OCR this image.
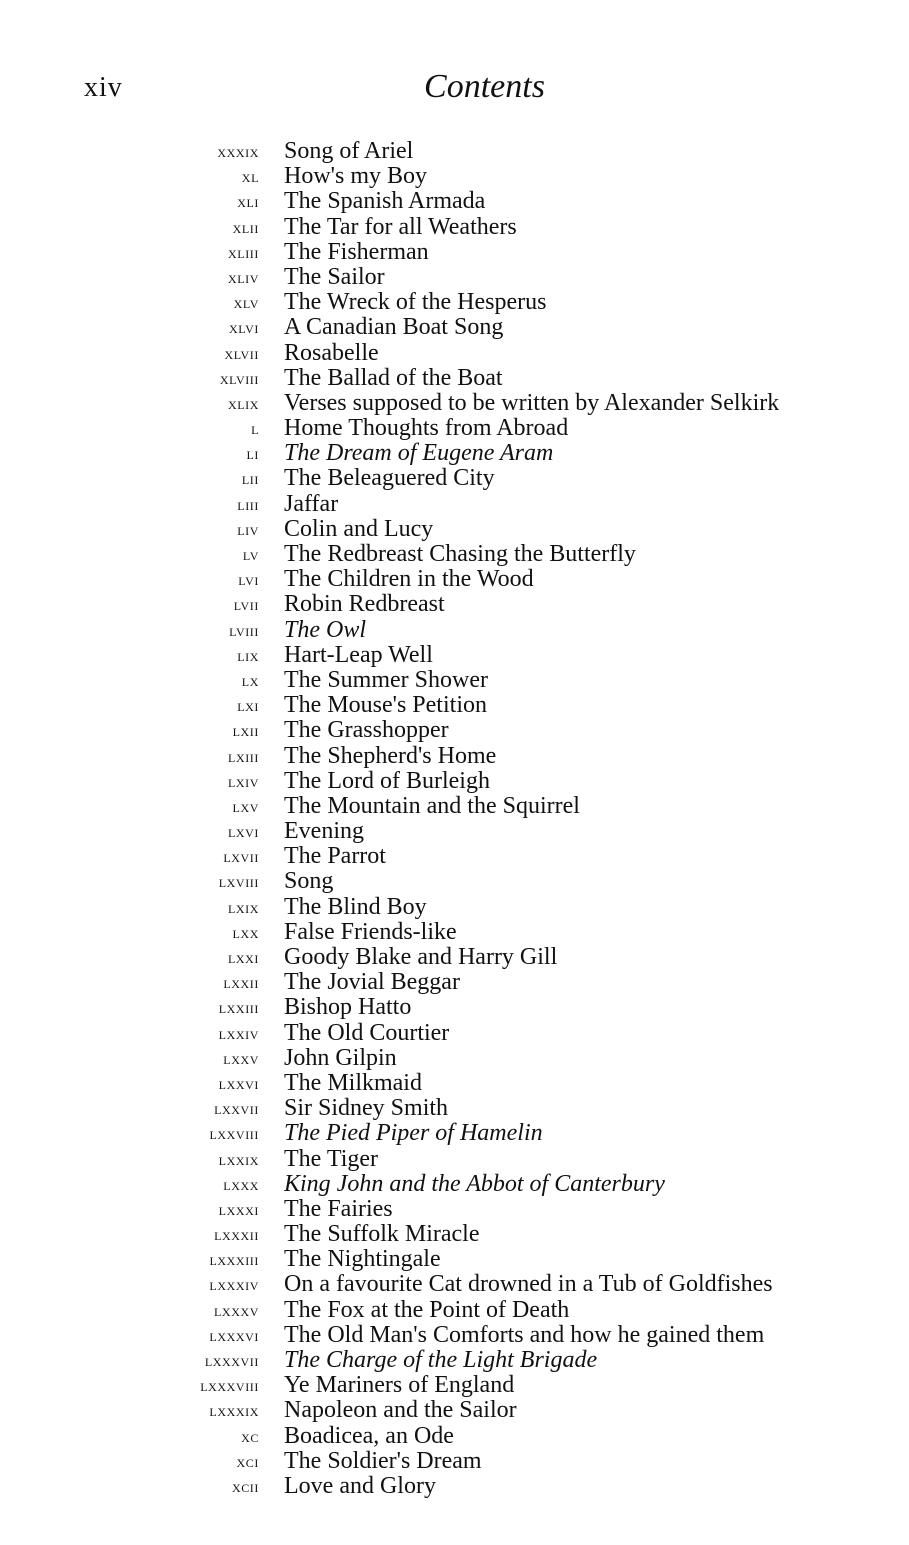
xiv	Contents
xxxix Song of Ariel
xl How's my Boy
xli The Spanish Armada
xlii The Tar for all Weathers
xliii The Fisherman
xliv The Sailor
xlv The Wreck of the Hesperus
xlvi A Canadian Boat Song
xlvii Rosabelle
xlviii The Ballad of the Boat
xlix Verses supposed to be written by Alexander Selkirk
l Home Thoughts from Abroad
li The Dream of Eugene Aram
lii The Beleaguered City
liii Jaffar
liv Colin and Lucy
lv The Redbreast Chasing the Butterfly
lvi The Children in the Wood
lvii Robin Redbreast
lviii The Owl
lix Hart-Leap Well
lx The Summer Shower
lxi The Mouse's Petition
lxii The Grasshopper
lxiii The Shepherd's Home
lxiv The Lord of Burleigh
lxv The Mountain and the Squirrel
lxvi Evening
lxvii The Parrot
lxviii Song
lxix The Blind Boy
lxx False Friends-like
lxxi Goody Blake and Harry Gill
lxxii The Jovial Beggar
lxxiii Bishop Hatto
lxxiv The Old Courtier
lxxv John Gilpin
lxxvi The Milkmaid
lxxvii Sir Sidney Smith
lxxviii The Pied Piper of Hamelin
lxxix The Tiger
lxxx King John and the Abbot of Canterbury
lxxxi The Fairies
lxxxii The Suffolk Miracle
lxxxiii The Nightingale
lxxxiv On a favourite Cat drowned in a Tub of Goldfishes
lxxxv The Fox at the Point of Death
lxxxvi The Old Man's Comforts and how he gained them
lxxxvii The Charge of the Light Brigade
lxxxviii Ye Mariners of England
lxxxix Napoleon and the Sailor
xc Boadicea, an Ode
xci The Soldier's Dream
xcii Love and Glory
